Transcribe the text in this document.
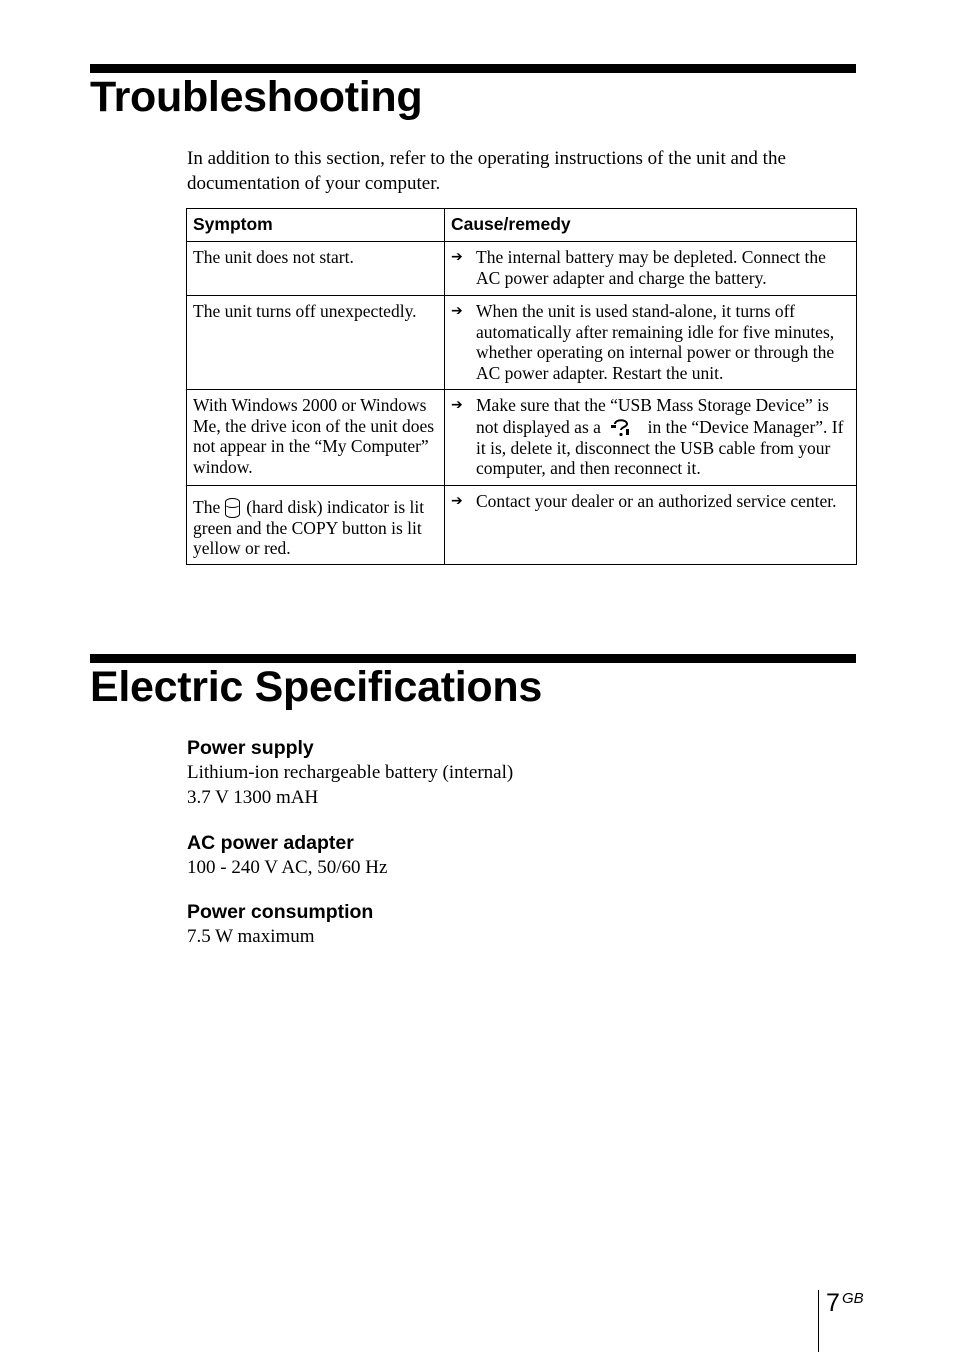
Troubleshooting

In addition to this section, refer to the operating instructions of the unit and the documentation of your computer.

Symptom	Cause/remedy
The unit does not start.	➔ The internal battery may be depleted. Connect the AC power adapter and charge the battery.

The unit turns off unexpectedly.	➔ When the unit is used stand-alone, it turns off automatically after remaining idle for five minutes, whether operating on internal power or through the AC power adapter. Restart the unit.

With Windows 2000 or Windows Me, the drive icon of the unit does not appear in the “My Computer” window.	➔ Make sure that the “USB Mass Storage Device” is not displayed as a in the “Device Manager”. If it is, delete it, disconnect the USB cable from your computer, and then reconnect it.

The (hard disk) indicator is lit green and the COPY button is lit yellow or red.	➔ Contact your dealer or an authorized service center.
Electric Specifications
Power supply
Lithium-ion rechargeable battery (internal)
3.7 V 1300 mAH
AC power adapter
100 - 240 V AC, 50/60 Hz
Power consumption
7.5 W maximum
7 GB
